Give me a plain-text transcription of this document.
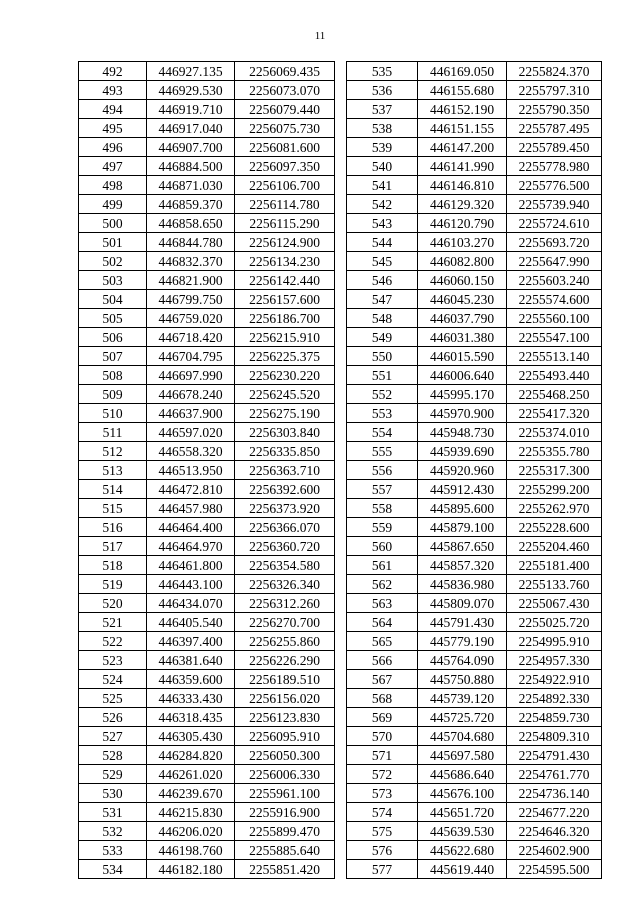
11
492	446927.135	2256069.435
493	446929.530	2256073.070
494	446919.710	2256079.440
495	446917.040	2256075.730
496	446907.700	2256081.600
497	446884.500	2256097.350
498	446871.030	2256106.700
499	446859.370	2256114.780
500	446858.650	2256115.290
501	446844.780	2256124.900
502	446832.370	2256134.230
503	446821.900	2256142.440
504	446799.750	2256157.600
505	446759.020	2256186.700
506	446718.420	2256215.910
507	446704.795	2256225.375
508	446697.990	2256230.220
509	446678.240	2256245.520
510	446637.900	2256275.190
511	446597.020	2256303.840
512	446558.320	2256335.850
513	446513.950	2256363.710
514	446472.810	2256392.600
515	446457.980	2256373.920
516	446464.400	2256366.070
517	446464.970	2256360.720
518	446461.800	2256354.580
519	446443.100	2256326.340
520	446434.070	2256312.260
521	446405.540	2256270.700
522	446397.400	2256255.860
523	446381.640	2256226.290
524	446359.600	2256189.510
525	446333.430	2256156.020
526	446318.435	2256123.830
527	446305.430	2256095.910
528	446284.820	2256050.300
529	446261.020	2256006.330
530	446239.670	2255961.100
531	446215.830	2255916.900
532	446206.020	2255899.470
533	446198.760	2255885.640
534	446182.180	2255851.420
535	446169.050	2255824.370
536	446155.680	2255797.310
537	446152.190	2255790.350
538	446151.155	2255787.495
539	446147.200	2255789.450
540	446141.990	2255778.980
541	446146.810	2255776.500
542	446129.320	2255739.940
543	446120.790	2255724.610
544	446103.270	2255693.720
545	446082.800	2255647.990
546	446060.150	2255603.240
547	446045.230	2255574.600
548	446037.790	2255560.100
549	446031.380	2255547.100
550	446015.590	2255513.140
551	446006.640	2255493.440
552	445995.170	2255468.250
553	445970.900	2255417.320
554	445948.730	2255374.010
555	445939.690	2255355.780
556	445920.960	2255317.300
557	445912.430	2255299.200
558	445895.600	2255262.970
559	445879.100	2255228.600
560	445867.650	2255204.460
561	445857.320	2255181.400
562	445836.980	2255133.760
563	445809.070	2255067.430
564	445791.430	2255025.720
565	445779.190	2254995.910
566	445764.090	2254957.330
567	445750.880	2254922.910
568	445739.120	2254892.330
569	445725.720	2254859.730
570	445704.680	2254809.310
571	445697.580	2254791.430
572	445686.640	2254761.770
573	445676.100	2254736.140
574	445651.720	2254677.220
575	445639.530	2254646.320
576	445622.680	2254602.900
577	445619.440	2254595.500
